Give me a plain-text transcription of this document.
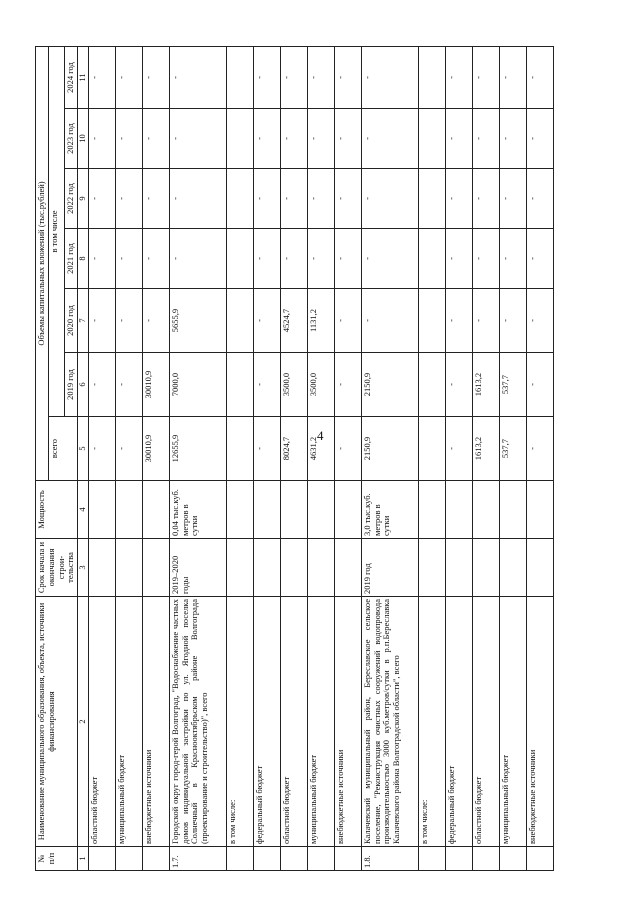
4
№ п/п	Наименование муниципального образования, объекта, источники финансирования	Срок начала и окончания строи- тельства	Мощность	Объемы капитальных вложений (тыс.рублей)						
				всего	в том числе					
					2019 год	2020 год	2021 год	2022 год	2023 год	2024 год
1	2	3	4	5	6	7	8	9	10	11
	областной бюджет			-	-	-	-	-	-	-
	муниципальный бюджет			-	-	-	-	-	-	-
	внебюджетные источники			30010,9	30010,9	-	-	-	-	-
1.7.	Городской округ город-герой Волгоград, "Водоснабжение частных домов индивидуальной застройки по ул. Ягодной поселка Солнечный в Красноoктябрьском районе Волгограда (проектирование и строительство)", всего	2019–2020 годы	0,04 тыс.куб. метров в сутки	12655,9	7000,0	5655,9	-	-	-	-
	в том числе:									
	федеральный бюджет			-	-	-	-	-	-	-
	областной бюджет			8024,7	3500,0	4524,7	-	-	-	-
	муниципальный бюджет			4631,2	3500,0	1131,2	-	-	-	-
	внебюджетные источники			-	-	-	-	-	-	-
1.8.	Калачевский муниципальный район, Береславское сельское поселение, "Реконструкция очистных сооружений водопровода производительностью 3000 куб.метров/сутки в р.п.Береславка Калачевского района Волгоградской области", всего	2019 год	3,0 тыс.куб. метров в сутки	2150,9	2150,9	-	-	-	-	-
	в том числе:									
	федеральный бюджет			-	-	-	-	-	-	-
	областной бюджет			1613,2	1613,2	-	-	-	-	-
	муниципальный бюджет			537,7	537,7	-	-	-	-	-
	внебюджетные источники			-	-	-	-	-	-	-
